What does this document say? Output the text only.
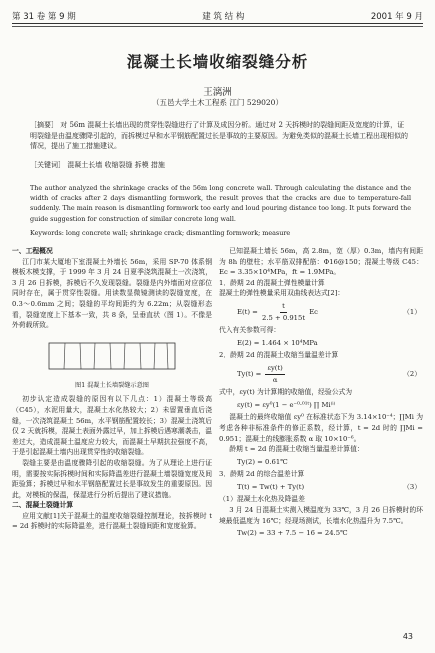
第 31 卷 第 9 期	建 筑 结 构	2001 年 9 月
混凝土长墙收缩裂缝分析
王漓洲
（五邑大学土木工程系 江门 529020）
［摘要］ 对 56m 混凝土长墙出现的贯穿性裂缝进行了计算及成因分析。通过对 2 天拆模时的裂缝间距及宽度的计算，证明裂缝是由温度骤降引起的，而拆模过早和水平钢筋配置过长是事故的主要原因。为避免类似的混凝土长墙工程出现相似的情况，提出了施工措施建议。
［关键词］ 混凝土长墙 收缩裂缝 拆模 措施
The author analyzed the shrinkage cracks of the 56m long concrete wall. Through calculating the distance and the width of cracks after 2 days dismantling formwork, the result proves that the cracks are due to temperature-fall suddenly. The main reason is dismantling formwork too early and loud pouring distance too long. It puts forward the guide suggestion for construction of similar concrete long wall.
Keywords: long concrete wall; shrinkage crack; dismantling formwork; measure
一、工程概况

江门市某大厦地下室混凝土外墙长 56m，采用 SP-70 体系钢模板木模支撑，于 1999 年 3 月 24 日夏季浇筑混凝土一次浇筑，3 月 26 日拆模，拆模后不久发现裂缝。裂缝是内外墙面对应部位同时存在，属于贯穿性裂缝。用读数显微镜测读的裂缝宽度，在 0.3～0.6mm 之间；裂缝的平均间距约为 6.22m；从裂缝形态看，裂缝宽度上下基本一致，共 8 条，呈垂直状（图 1）。不像是外荷载所致。

图1 混凝土长墙裂缝示意图

初步认定造成裂缝的原因有以下几点：1）混凝土等级高（C45），水泥用量大，混凝土水化热较大；2）未留置垂直后浇缝，一次浇筑混凝土 56m，水平钢筋配置较长；3）混凝土浇筑后仅 2 天就拆模，混凝土表面外露过早，加上拆模后遇寒潮袭击，温差过大，造成混凝土温度应力较大，而混凝土早期抗拉强度不高，于是引起混凝土墙内出现贯穿性的收缩裂缝。

裂缝主要是由温度骤降引起的收缩裂缝。为了从理论上进行证明，需要按实际拆模时间和实际降温差进行混凝土墙裂缝宽度及间距验算；拆模过早和水平钢筋配置过长是事故发生的重要原因。因此，对模板的保温，保湿进行分析后提出了建议措施。

二、混凝土裂缝计算

应用文献[1]关于混凝土的温度收缩裂缝控制理论，按拆模时 t = 2d 拆模时的实际降温差，进行混凝土裂缝间距和宽度验算。

已知混凝土墙长 56m，高 2.8m，宽（厚）0.3m，墙内有间距为 8h 的壁柱；水平筋双排配筋：Φ16@150；混凝土等级 C45：Ec = 3.35×10⁴MPa，ft = 1.9MPa。

1．龄期 2d 的混凝土弹性模量计算
混凝土的弹性模量采用双曲线表达式[2]：
$E(t) = \frac{t}{2.5 + 0.915t}$ Ec	（1）
代入有关参数可得：
E(2) = 1.464 × 10⁴MPa
2．龄期 2d 的混凝土收缩当量温差计算
$Ty(t) = \frac{\varepsilon y(t)}{\alpha}$	（2）
式中，εy(t) 为计算期的收缩值，经验公式为
εy(t) = εy⁰(1 − e⁻⁰·⁰¹ᵗ) ∏ Mi⁽ⁱ⁾

混凝土的最终收缩值 εy⁰ 在标准状态下为 3.14×10⁻⁴；∏Mi 为考虑各种非标准条件的修正系数，经计算，t = 2d 时的 ∏Mi = 0.951；混凝土的线膨胀系数 α 取 10×10⁻⁶。

龄期 t = 2d 的混凝土收缩当量温差计算值：

Ty(2) = 0.61℃
3．龄期 2d 的综合温差计算
T(t) = Tw(t) + Ty(t)	（3）
（1）混凝土水化热及降温差

3 月 24 日混凝土实测入模温度为 33℃，3 月 26 日拆模时的环境最低温度为 16℃；经现场测试，长墙水化热温升为 7.5℃。

Tw(2) = 33 + 7.5 − 16 = 24.5℃
43
